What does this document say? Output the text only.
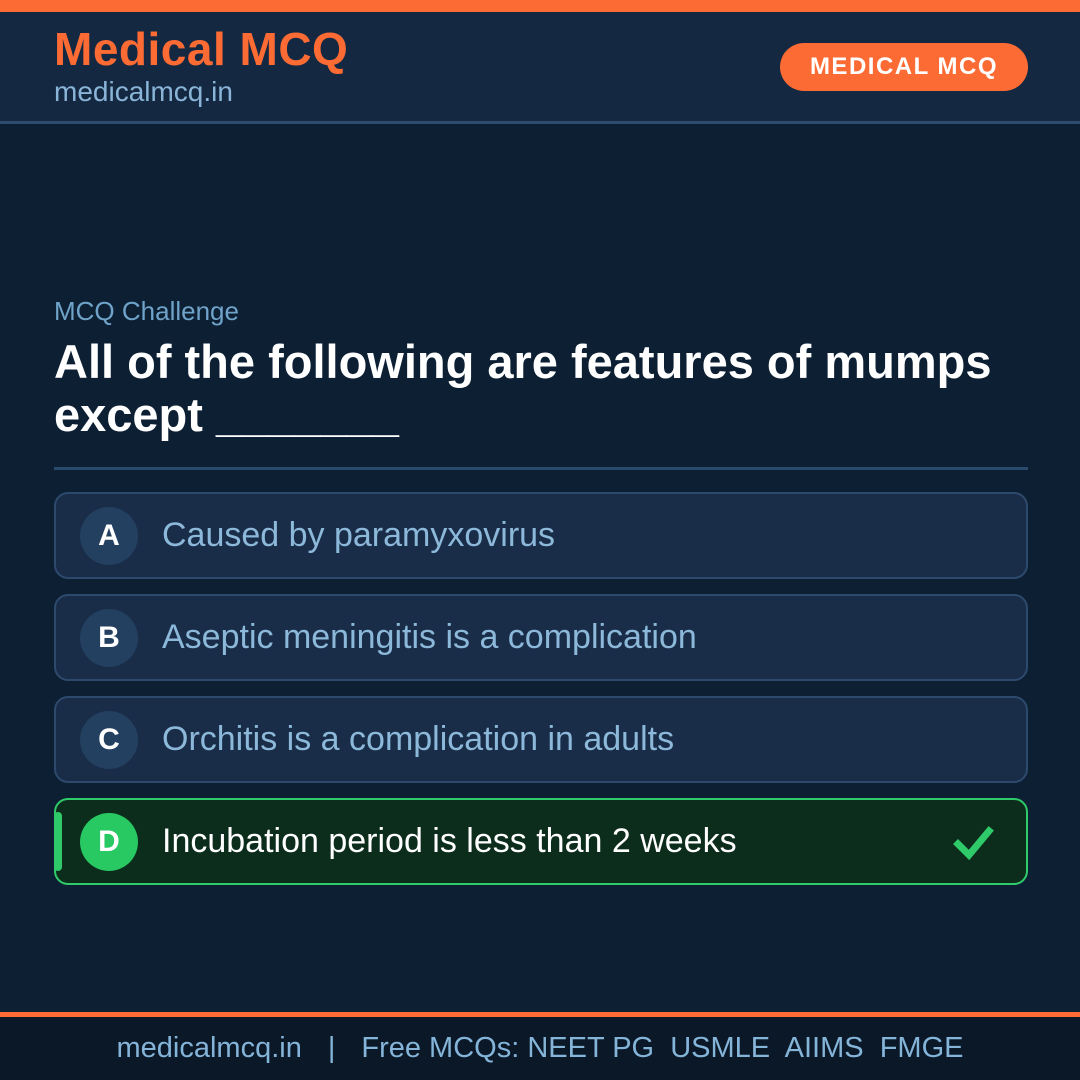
Medical MCQ
medicalmcq.in
MEDICAL MCQ
MCQ Challenge
All of the following are features of mumps except _______
A	Caused by paramyxovirus
B	Aseptic meningitis is a complication
C	Orchitis is a complication in adults
D	Incubation period is less than 2 weeks
medicalmcq.in | Free MCQs: NEET PG  USMLE  AIIMS  FMGE
